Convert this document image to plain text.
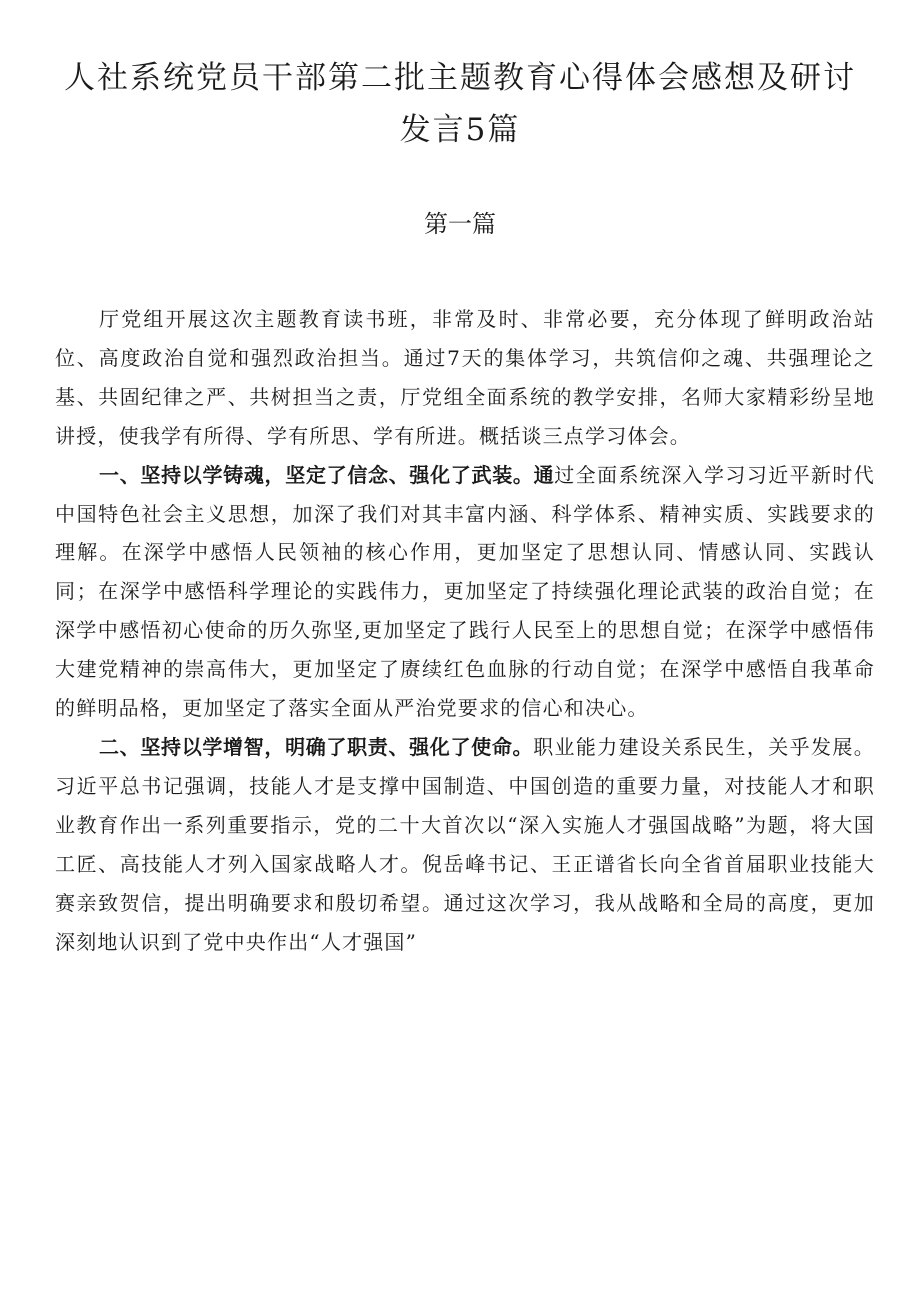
人社系统党员干部第二批主题教育心得体会感想及研讨发言5篇
第一篇

厅党组开展这次主题教育读书班，非常及时、非常必要，充分体现了鲜明政治站位、高度政治自觉和强烈政治担当。通过7天的集体学习，共筑信仰之魂、共强理论之基、共固纪律之严、共树担当之责，厅党组全面系统的教学安排，名师大家精彩纷呈地讲授，使我学有所得、学有所思、学有所进。概括谈三点学习体会。

一、坚持以学铸魂，坚定了信念、强化了武装。通过全面系统深入学习习近平新时代中国特色社会主义思想，加深了我们对其丰富内涵、科学体系、精神实质、实践要求的理解。在深学中感悟人民领袖的核心作用，更加坚定了思想认同、情感认同、实践认同；在深学中感悟科学理论的实践伟力，更加坚定了持续强化理论武装的政治自觉；在深学中感悟初心使命的历久弥坚,更加坚定了践行人民至上的思想自觉；在深学中感悟伟大建党精神的崇高伟大，更加坚定了赓续红色血脉的行动自觉；在深学中感悟自我革命的鲜明品格，更加坚定了落实全面从严治党要求的信心和决心。

二、坚持以学增智，明确了职责、强化了使命。职业能力建设关系民生，关乎发展。习近平总书记强调，技能人才是支撑中国制造、中国创造的重要力量，对技能人才和职业教育作出一系列重要指示，党的二十大首次以“深入实施人才强国战略”为题，将大国工匠、高技能人才列入国家战略人才。倪岳峰书记、王正谱省长向全省首届职业技能大赛亲致贺信，提出明确要求和殷切希望。通过这次学习，我从战略和全局的高度，更加深刻地认识到了党中央作出“人才强国”
